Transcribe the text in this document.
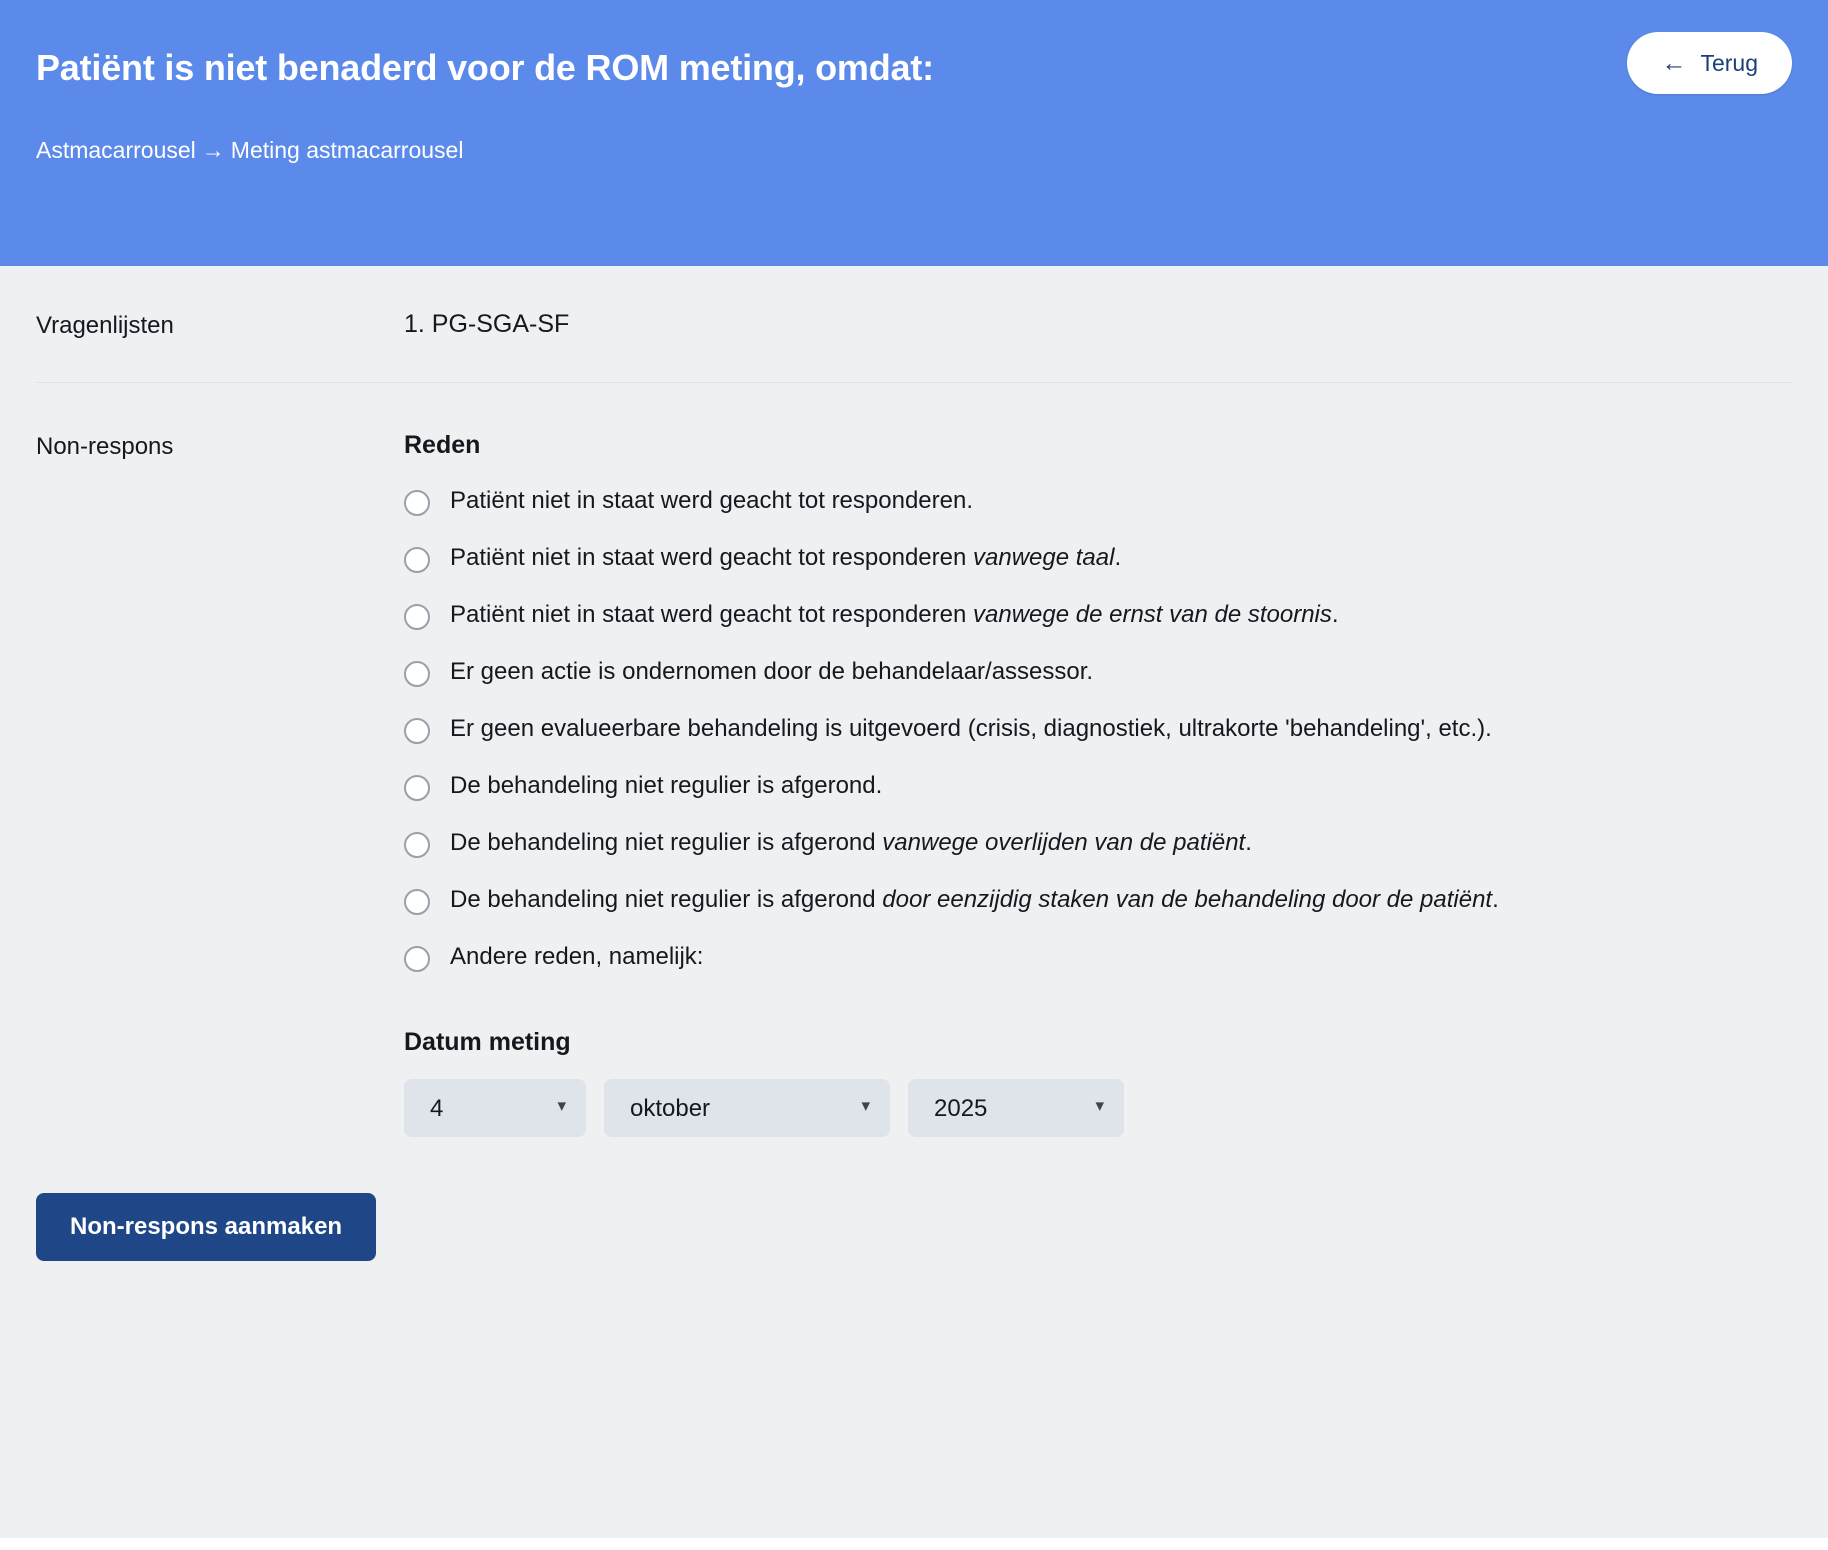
Patiënt is niet benaderd voor de ROM meting, omdat:
Astmacarrousel → Meting astmacarrousel
← Terug
Vragenlijsten	1. PG-SGA-SF
Non-respons	Reden
Patiënt niet in staat werd geacht tot responderen.
Patiënt niet in staat werd geacht tot responderen vanwege taal.
Patiënt niet in staat werd geacht tot responderen vanwege de ernst van de stoornis.
Er geen actie is ondernomen door de behandelaar/assessor.
Er geen evalueerbare behandeling is uitgevoerd (crisis, diagnostiek, ultrakorte 'behandeling', etc.).
De behandeling niet regulier is afgerond.
De behandeling niet regulier is afgerond vanwege overlijden van de patiënt.
De behandeling niet regulier is afgerond door eenzijdig staken van de behandeling door de patiënt.
Andere reden, namelijk:
Datum meting
4
▾
oktober	▾
2025	▾
Non-respons aanmaken
